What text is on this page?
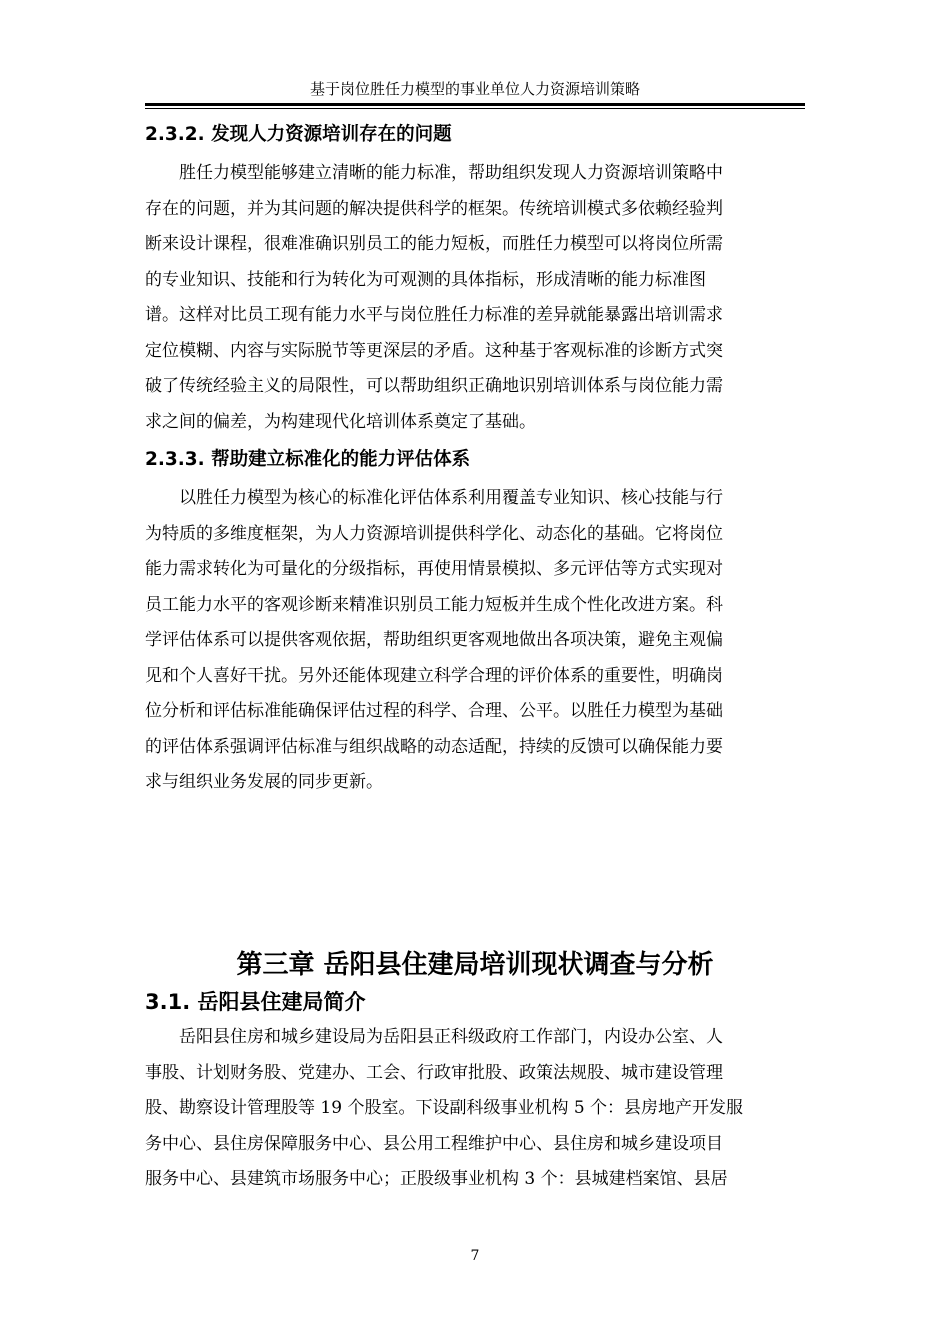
基于岗位胜任力模型的事业单位人力资源培训策略
2.3.2. 发现人力资源培训存在的问题
胜任力模型能够建立清晰的能力标准，帮助组织发现人力资源培训策略中
存在的问题，并为其问题的解决提供科学的框架。传统培训模式多依赖经验判
断来设计课程，很难准确识别员工的能力短板，而胜任力模型可以将岗位所需
的专业知识、技能和行为转化为可观测的具体指标，形成清晰的能力标准图
谱。这样对比员工现有能力水平与岗位胜任力标准的差异就能暴露出培训需求
定位模糊、内容与实际脱节等更深层的矛盾。这种基于客观标准的诊断方式突
破了传统经验主义的局限性，可以帮助组织正确地识别培训体系与岗位能力需
求之间的偏差，为构建现代化培训体系奠定了基础。
2.3.3. 帮助建立标准化的能力评估体系
以胜任力模型为核心的标准化评估体系利用覆盖专业知识、核心技能与行
为特质的多维度框架，为人力资源培训提供科学化、动态化的基础。它将岗位
能力需求转化为可量化的分级指标，再使用情景模拟、多元评估等方式实现对
员工能力水平的客观诊断来精准识别员工能力短板并生成个性化改进方案。科
学评估体系可以提供客观依据，帮助组织更客观地做出各项决策，避免主观偏
见和个人喜好干扰。另外还能体现建立科学合理的评价体系的重要性，明确岗
位分析和评估标准能确保评估过程的科学、合理、公平。以胜任力模型为基础
的评估体系强调评估标准与组织战略的动态适配，持续的反馈可以确保能力要
求与组织业务发展的同步更新。
第三章 岳阳县住建局培训现状调查与分析
3.1. 岳阳县住建局简介
岳阳县住房和城乡建设局为岳阳县正科级政府工作部门，内设办公室、人
事股、计划财务股、党建办、工会、行政审批股、政策法规股、城市建设管理
股、勘察设计管理股等 19 个股室。下设副科级事业机构 5 个：县房地产开发服
务中心、县住房保障服务中心、县公用工程维护中心、县住房和城乡建设项目
服务中心、县建筑市场服务中心；正股级事业机构 3 个：县城建档案馆、县居
7
